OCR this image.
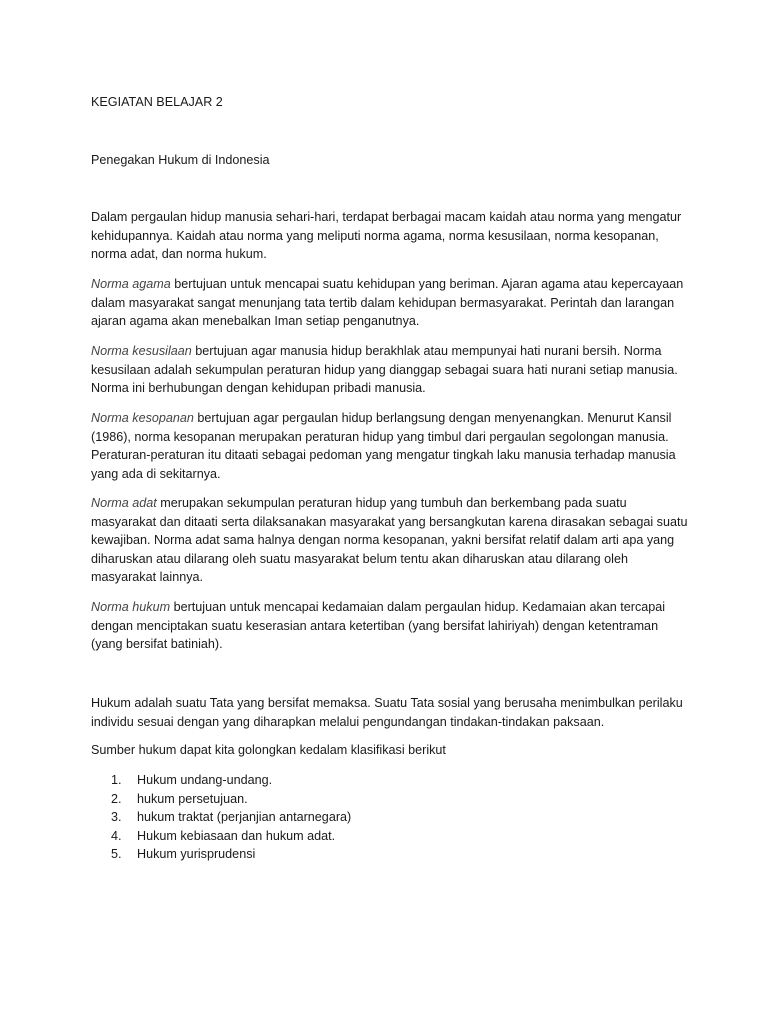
KEGIATAN BELAJAR 2
Penegakan Hukum di Indonesia

Dalam pergaulan hidup manusia sehari-hari, terdapat berbagai macam kaidah atau norma yang mengatur kehidupannya. Kaidah atau norma yang meliputi norma agama, norma kesusilaan, norma kesopanan, norma adat, dan norma hukum.

Norma agama bertujuan untuk mencapai suatu kehidupan yang beriman. Ajaran agama atau kepercayaan dalam masyarakat sangat menunjang tata tertib dalam kehidupan bermasyarakat. Perintah dan larangan ajaran agama akan menebalkan Iman setiap penganutnya.

Norma kesusilaan bertujuan agar manusia hidup berakhlak atau mempunyai hati nurani bersih. Norma kesusilaan adalah sekumpulan peraturan hidup yang dianggap sebagai suara hati nurani setiap manusia. Norma ini berhubungan dengan kehidupan pribadi manusia.

Norma kesopanan bertujuan agar pergaulan hidup berlangsung dengan menyenangkan. Menurut Kansil (1986), norma kesopanan merupakan peraturan hidup yang timbul dari pergaulan segolongan manusia. Peraturan-peraturan itu ditaati sebagai pedoman yang mengatur tingkah laku manusia terhadap manusia yang ada di sekitarnya.

Norma adat merupakan sekumpulan peraturan hidup yang tumbuh dan berkembang pada suatu masyarakat dan ditaati serta dilaksanakan masyarakat yang bersangkutan karena dirasakan sebagai suatu kewajiban. Norma adat sama halnya dengan norma kesopanan, yakni bersifat relatif dalam arti apa yang diharuskan atau dilarang oleh suatu masyarakat belum tentu akan diharuskan atau dilarang oleh masyarakat lainnya.

Norma hukum bertujuan untuk mencapai kedamaian dalam pergaulan hidup. Kedamaian akan tercapai dengan menciptakan suatu keserasian antara ketertiban (yang bersifat lahiriyah) dengan ketentraman (yang bersifat batiniah).

Hukum adalah suatu Tata yang bersifat memaksa. Suatu Tata sosial yang berusaha menimbulkan perilaku individu sesuai dengan yang diharapkan melalui pengundangan tindakan-tindakan paksaan.

Sumber hukum dapat kita golongkan kedalam klasifikasi berikut

1. Hukum undang-undang.
2. hukum persetujuan.
3. hukum traktat (perjanjian antarnegara)
4. Hukum kebiasaan dan hukum adat.
5. Hukum yurisprudensi
